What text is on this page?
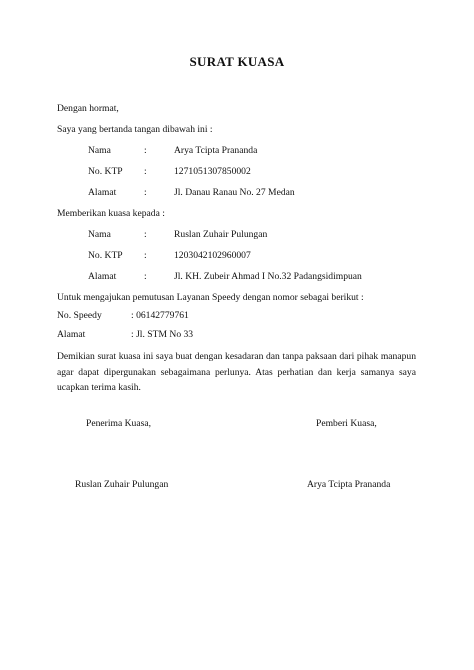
SURAT KUASA
Dengan hormat,
Saya yang bertanda tangan dibawah ini :
Nama	:	Arya Tcipta Prananda
No. KTP :	1271051307850002
Alamat	:	Jl. Danau Ranau No. 27 Medan
Memberikan kuasa kepada :
Nama	:	Ruslan Zuhair Pulungan
No. KTP :	1203042102960007
Alamat	:	Jl. KH. Zubeir Ahmad I No.32 Padangsidimpuan
Untuk mengajukan pemutusan Layanan Speedy dengan nomor sebagai berikut :
No. Speedy	: 06142779761
Alamat	: Jl. STM No 33
Demikian surat kuasa ini saya buat dengan kesadaran dan tanpa paksaan dari pihak manapun agar dapat dipergunakan sebagaimana perlunya. Atas perhatian dan kerja samanya saya ucapkan terima kasih.
Penerima Kuasa,	Pemberi Kuasa,
Ruslan Zuhair Pulungan	Arya Tcipta Prananda
